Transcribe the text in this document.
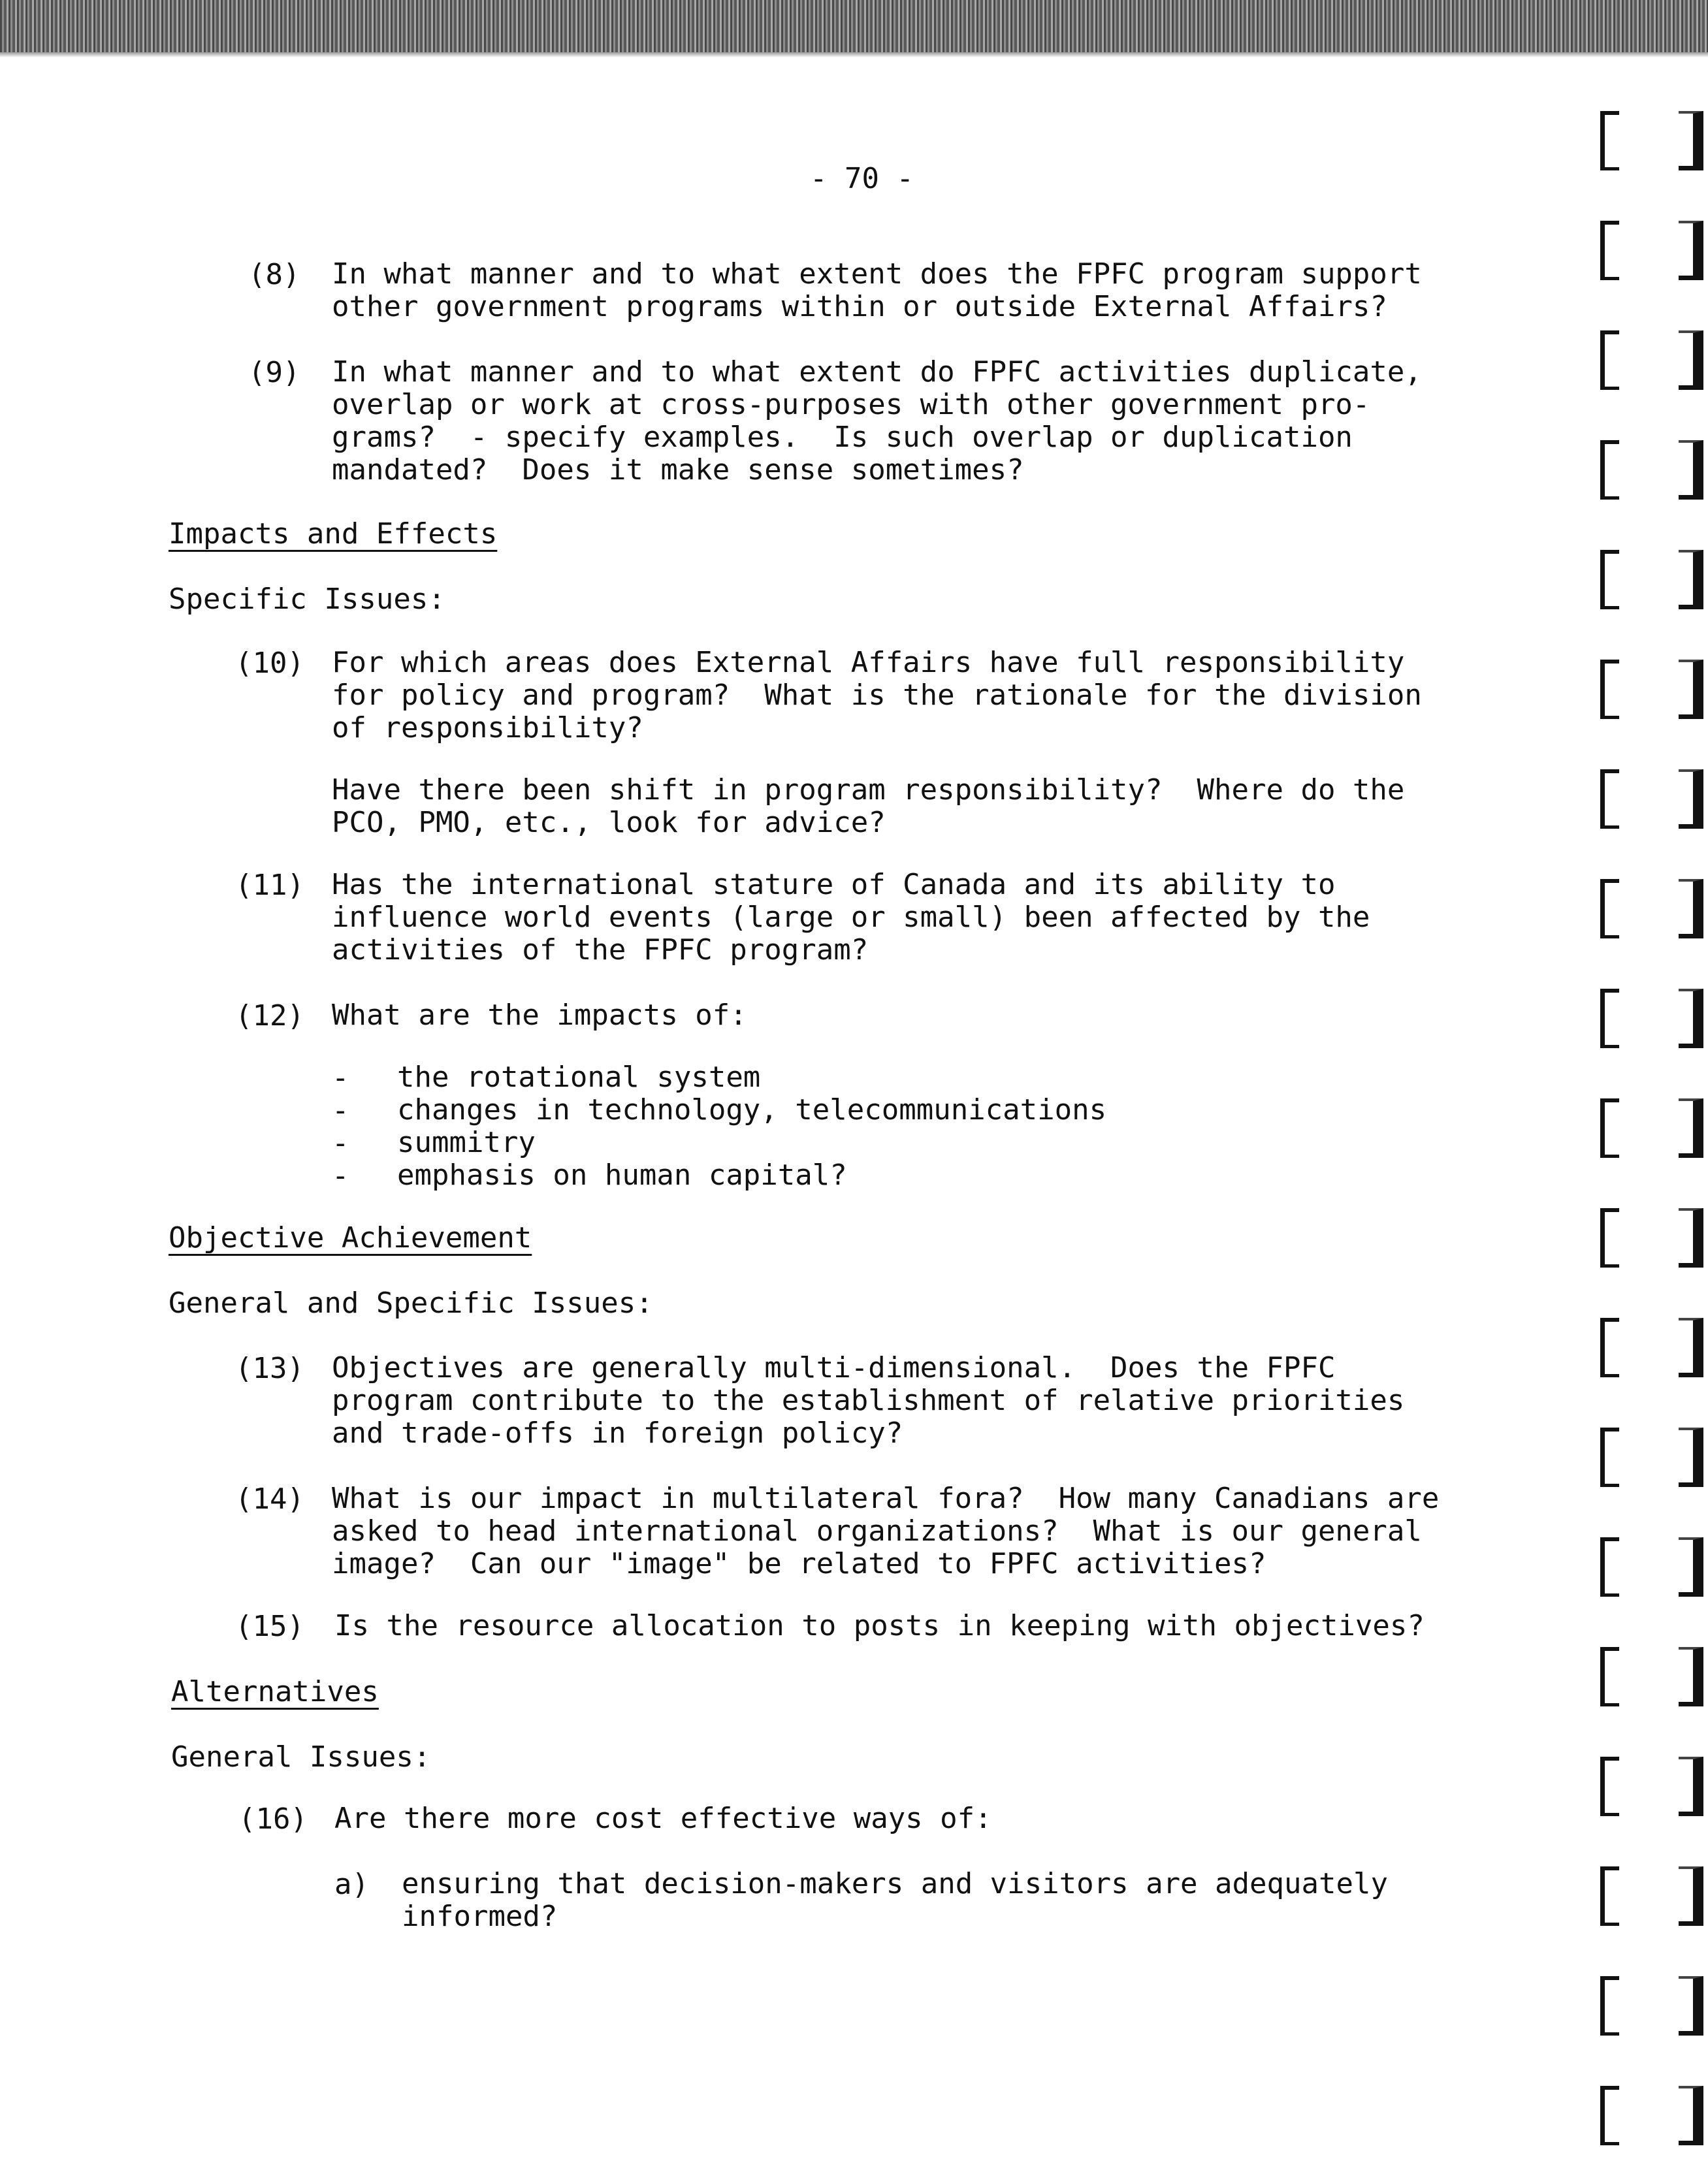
- 70 -
(8) In what manner and to what extent does the FPFC program support
other government programs within or outside External Affairs?
(9) In what manner and to what extent do FPFC activities duplicate,
overlap or work at cross-purposes with other government pro-
grams?  - specify examples.  Is such overlap or duplication
mandated?  Does it make sense sometimes?
Impacts and Effects
Specific Issues:
(10) For which areas does External Affairs have full responsibility
for policy and program?  What is the rationale for the division
of responsibility?
Have there been shift in program responsibility?  Where do the
PCO, PMO, etc., look for advice?
(11) Has the international stature of Canada and its ability to
influence world events (large or small) been affected by the
activities of the FPFC program?
(12) What are the impacts of:
- the rotational system
- changes in technology, telecommunications
- summitry
- emphasis on human capital?
Objective Achievement
General and Specific Issues:
(13) Objectives are generally multi-dimensional.  Does the FPFC
program contribute to the establishment of relative priorities
and trade-offs in foreign policy?
(14) What is our impact in multilateral fora?  How many Canadians are
asked to head international organizations?  What is our general
image?  Can our "image" be related to FPFC activities?
(15) Is the resource allocation to posts in keeping with objectives?
Alternatives
General Issues:
(16) Are there more cost effective ways of:
a) ensuring that decision-makers and visitors are adequately
informed?
